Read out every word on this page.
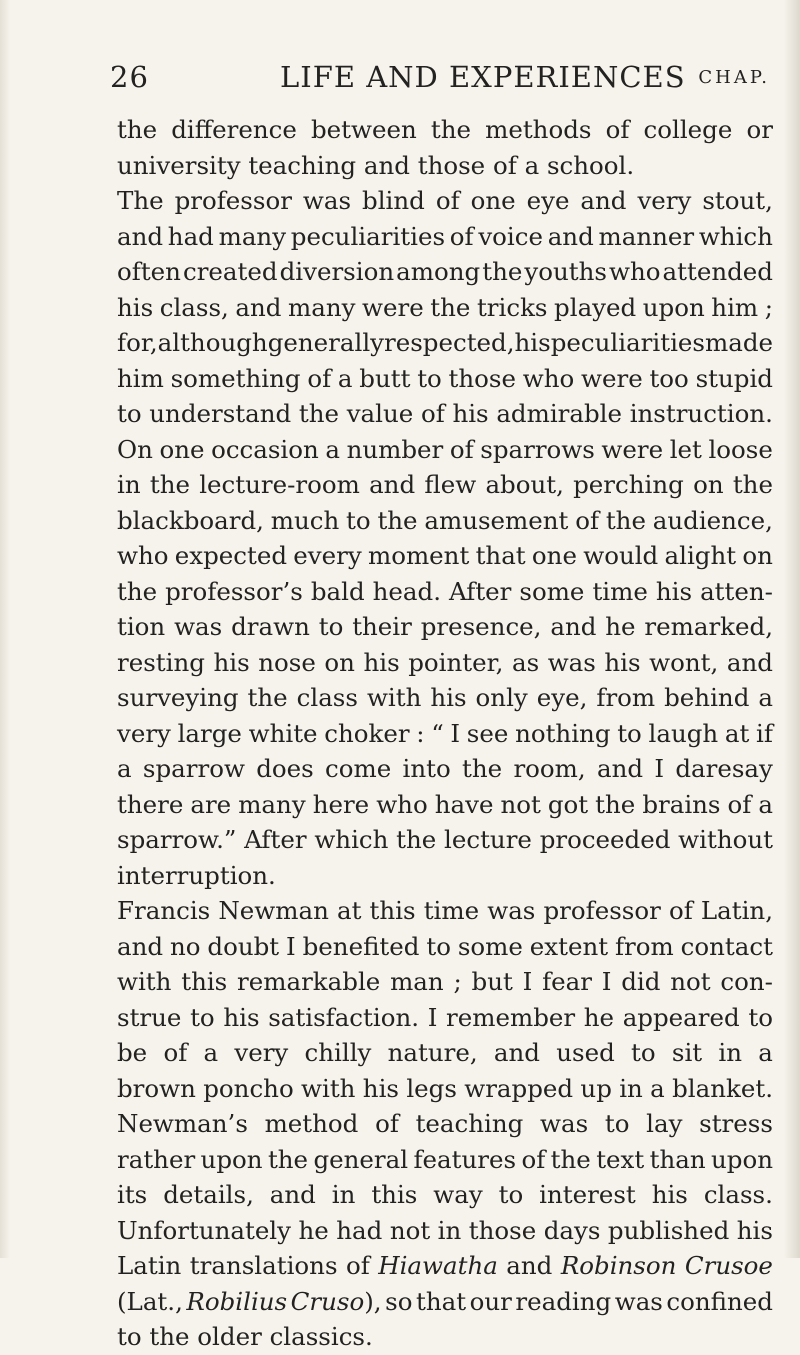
26	LIFE AND EXPERIENCES CHAP.
the difference between the methods of college or
university teaching and those of a school.
The professor was blind of one eye and very stout,
and had many peculiarities of voice and manner which
often created diversion among the youths who attended
his class, and many were the tricks played upon him ;
for, although generally respected, his peculiarities made
him something of a butt to those who were too stupid
to understand the value of his admirable instruction.
On one occasion a number of sparrows were let loose
in the lecture-room and flew about, perching on the
blackboard, much to the amusement of the audience,
who expected every moment that one would alight on
the professor’s bald head. After some time his atten-
tion was drawn to their presence, and he remarked,
resting his nose on his pointer, as was his wont, and
surveying the class with his only eye, from behind a
very large white choker : “ I see nothing to laugh at if
a sparrow does come into the room, and I daresay
there are many here who have not got the brains of a
sparrow.” After which the lecture proceeded without
interruption.
Francis Newman at this time was professor of Latin,
and no doubt I benefited to some extent from contact
with this remarkable man ; but I fear I did not con-
strue to his satisfaction. I remember he appeared to
be of a very chilly nature, and used to sit in a
brown poncho with his legs wrapped up in a blanket.
Newman’s method of teaching was to lay stress
rather upon the general features of the text than upon
its details, and in this way to interest his class.
Unfortunately he had not in those days published his
Latin translations of Hiawatha and Robinson Crusoe
(Lat., Robilius Cruso), so that our reading was confined
to the older classics.
